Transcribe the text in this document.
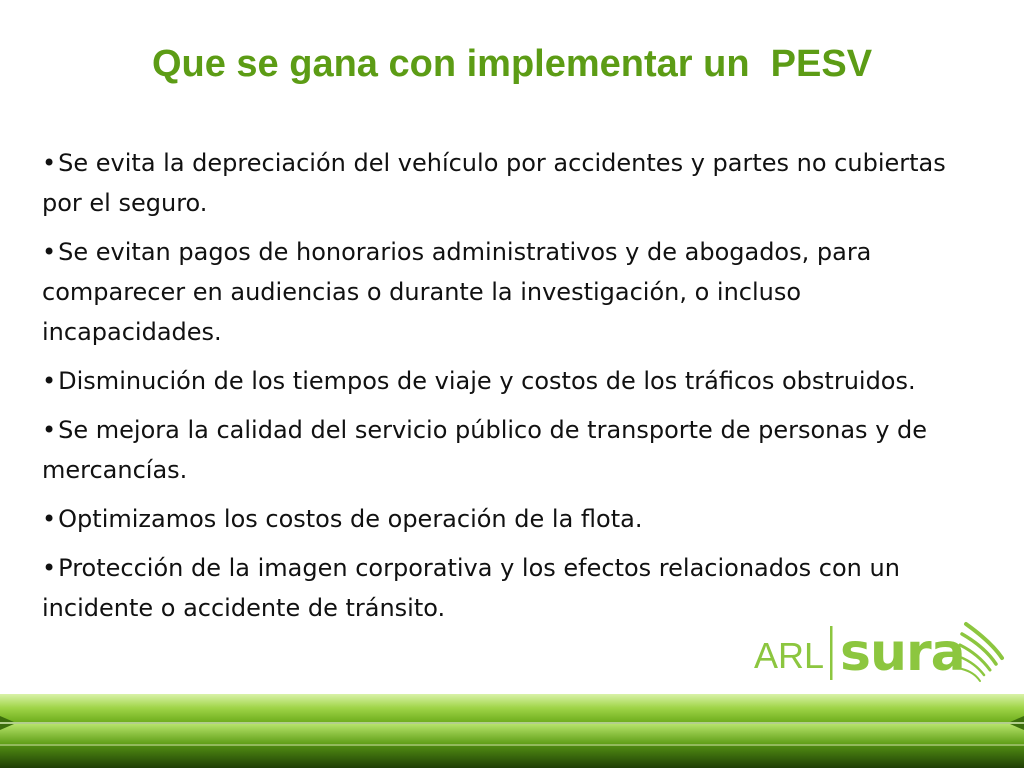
Que se gana con implementar un  PESV
•Se evita la depreciación del vehículo por accidentes y partes no cubiertas por el seguro.
•Se evitan pagos de honorarios administrativos y de abogados, para comparecer en audiencias o durante la investigación, o incluso incapacidades.
•Disminución de los tiempos de viaje y costos de los tráficos obstruidos.
•Se mejora la calidad del servicio público de transporte de personas y de mercancías.
•Optimizamos los costos de operación de la flota.
•Protección de la imagen corporativa y los efectos relacionados con un incidente o accidente de tránsito.
ARL sura
